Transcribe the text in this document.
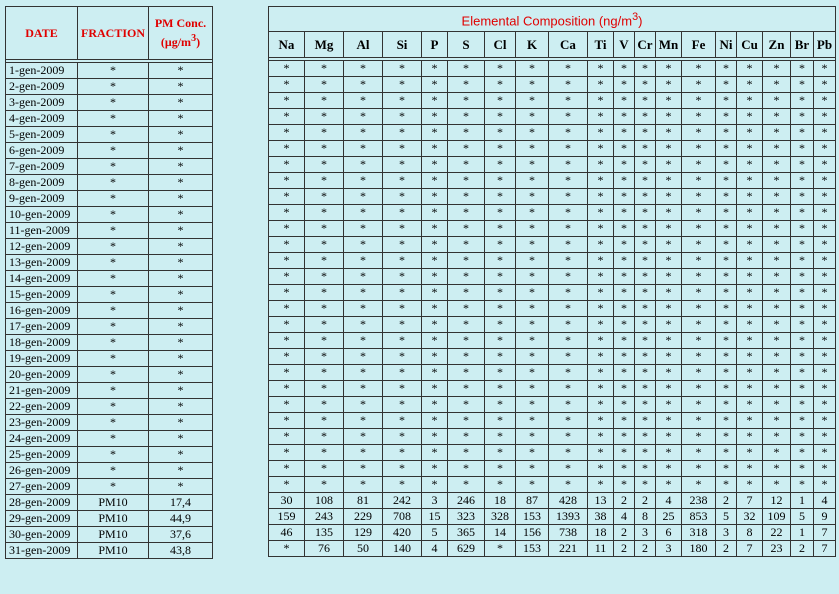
DATE	FRACTION	PM Conc.
$(\mu g/m^3)$

1-gen-2009	*	*
2-gen-2009	*	*
3-gen-2009	*	*
4-gen-2009	*	*
5-gen-2009	*	*
6-gen-2009	*	*
7-gen-2009	*	*
8-gen-2009	*	*
9-gen-2009	*	*
10-gen-2009	*	*
11-gen-2009	*	*
12-gen-2009	*	*
13-gen-2009	*	*
14-gen-2009	*	*
15-gen-2009	*	*
16-gen-2009	*	*
17-gen-2009	*	*
18-gen-2009	*	*
19-gen-2009	*	*
20-gen-2009	*	*
21-gen-2009	*	*
22-gen-2009	*	*
23-gen-2009	*	*
24-gen-2009	*	*
25-gen-2009	*	*
26-gen-2009	*	*
27-gen-2009	*	*
28-gen-2009	PM10	17,4
29-gen-2009	PM10	44,9
30-gen-2009	PM10	37,6
31-gen-2009	PM10	43,8
Elemental Composition $(ng/m^3)$																		
Na	Mg	Al	Si	P	S	Cl	K	Ca	Ti	V	Cr	Mn	Fe	Ni	Cu	Zn	Br	Pb

*	*	*	*	*	*	*	*	*	*	*	*	*	*	*	*	*	*	*
*	*	*	*	*	*	*	*	*	*	*	*	*	*	*	*	*	*	*
*	*	*	*	*	*	*	*	*	*	*	*	*	*	*	*	*	*	*
*	*	*	*	*	*	*	*	*	*	*	*	*	*	*	*	*	*	*
*	*	*	*	*	*	*	*	*	*	*	*	*	*	*	*	*	*	*
*	*	*	*	*	*	*	*	*	*	*	*	*	*	*	*	*	*	*
*	*	*	*	*	*	*	*	*	*	*	*	*	*	*	*	*	*	*
*	*	*	*	*	*	*	*	*	*	*	*	*	*	*	*	*	*	*
*	*	*	*	*	*	*	*	*	*	*	*	*	*	*	*	*	*	*
*	*	*	*	*	*	*	*	*	*	*	*	*	*	*	*	*	*	*
*	*	*	*	*	*	*	*	*	*	*	*	*	*	*	*	*	*	*
*	*	*	*	*	*	*	*	*	*	*	*	*	*	*	*	*	*	*
*	*	*	*	*	*	*	*	*	*	*	*	*	*	*	*	*	*	*
*	*	*	*	*	*	*	*	*	*	*	*	*	*	*	*	*	*	*
*	*	*	*	*	*	*	*	*	*	*	*	*	*	*	*	*	*	*
*	*	*	*	*	*	*	*	*	*	*	*	*	*	*	*	*	*	*
*	*	*	*	*	*	*	*	*	*	*	*	*	*	*	*	*	*	*
*	*	*	*	*	*	*	*	*	*	*	*	*	*	*	*	*	*	*
*	*	*	*	*	*	*	*	*	*	*	*	*	*	*	*	*	*	*
*	*	*	*	*	*	*	*	*	*	*	*	*	*	*	*	*	*	*
*	*	*	*	*	*	*	*	*	*	*	*	*	*	*	*	*	*	*
*	*	*	*	*	*	*	*	*	*	*	*	*	*	*	*	*	*	*
*	*	*	*	*	*	*	*	*	*	*	*	*	*	*	*	*	*	*
*	*	*	*	*	*	*	*	*	*	*	*	*	*	*	*	*	*	*
*	*	*	*	*	*	*	*	*	*	*	*	*	*	*	*	*	*	*
*	*	*	*	*	*	*	*	*	*	*	*	*	*	*	*	*	*	*
*	*	*	*	*	*	*	*	*	*	*	*	*	*	*	*	*	*	*
30	108	81	242	3	246	18	87	428	13	2	2	4	238	2	7	12	1	4
159	243	229	708	15	323	328	153	1393	38	4	8	25	853	5	32	109	5	9
46	135	129	420	5	365	14	156	738	18	2	3	6	318	3	8	22	1	7
*	76	50	140	4	629	*	153	221	11	2	2	3	180	2	7	23	2	7
